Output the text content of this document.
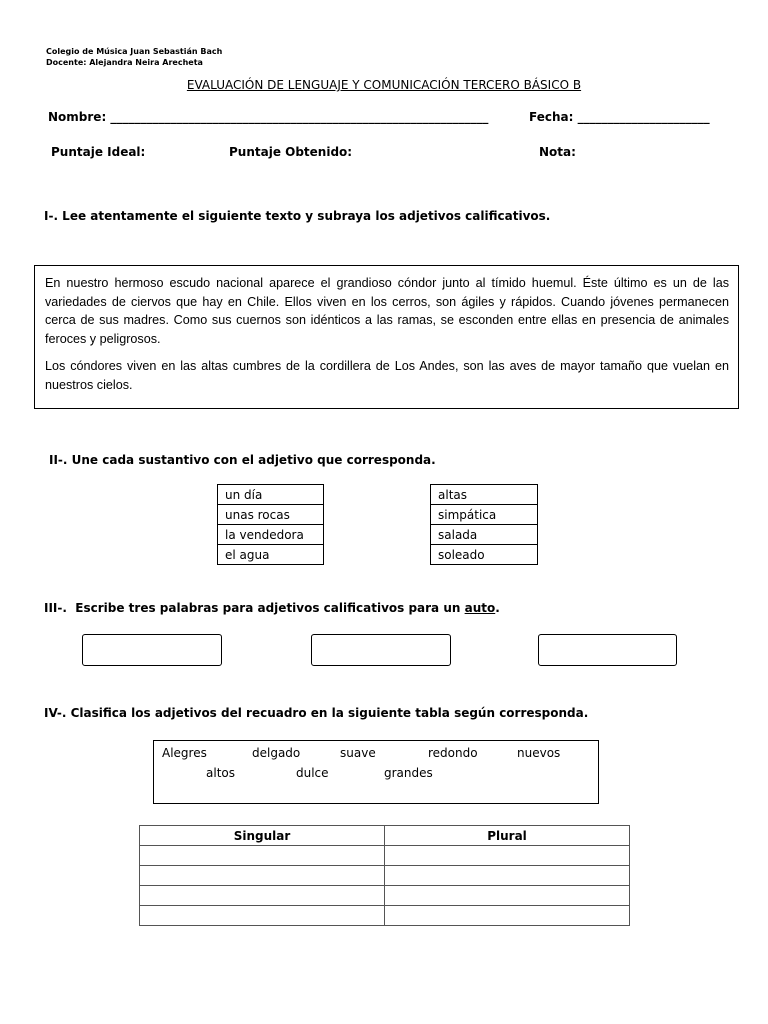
Colegio de Música Juan Sebastián Bach
Docente: Alejandra Neira Arecheta
EVALUACIÓN DE LENGUAJE Y COMUNICACIÓN TERCERO BÁSICO B
Nombre: _______________________________________________________________	Fecha: ______________________
Puntaje Ideal:	Puntaje Obtenido:	Nota:
I-. Lee atentamente el siguiente texto y subraya los adjetivos calificativos.

En nuestro hermoso escudo nacional aparece el grandioso cóndor junto al tímido huemul. Éste último es un de las variedades de ciervos que hay en Chile. Ellos viven en los cerros, son ágiles y rápidos. Cuando jóvenes permanecen cerca de sus madres. Como sus cuernos son idénticos a las ramas, se esconden entre ellas en presencia de animales feroces y peligrosos.

Los cóndores viven en las altas cumbres de la cordillera de Los Andes, son las aves de mayor tamaño que vuelan en nuestros cielos.

II-. Une cada sustantivo con el adjetivo que corresponda.
un día
unas rocas
la vendedora
el agua
altas
simpática
salada
soleado
III-.  Escribe tres palabras para adjetivos calificativos para un auto.
IV-. Clasifica los adjetivos del recuadro en la siguiente tabla según corresponda.
Alegres	delgado	suave	redondo	nuevos
altos	dulce	grandes
Singular	Plural
